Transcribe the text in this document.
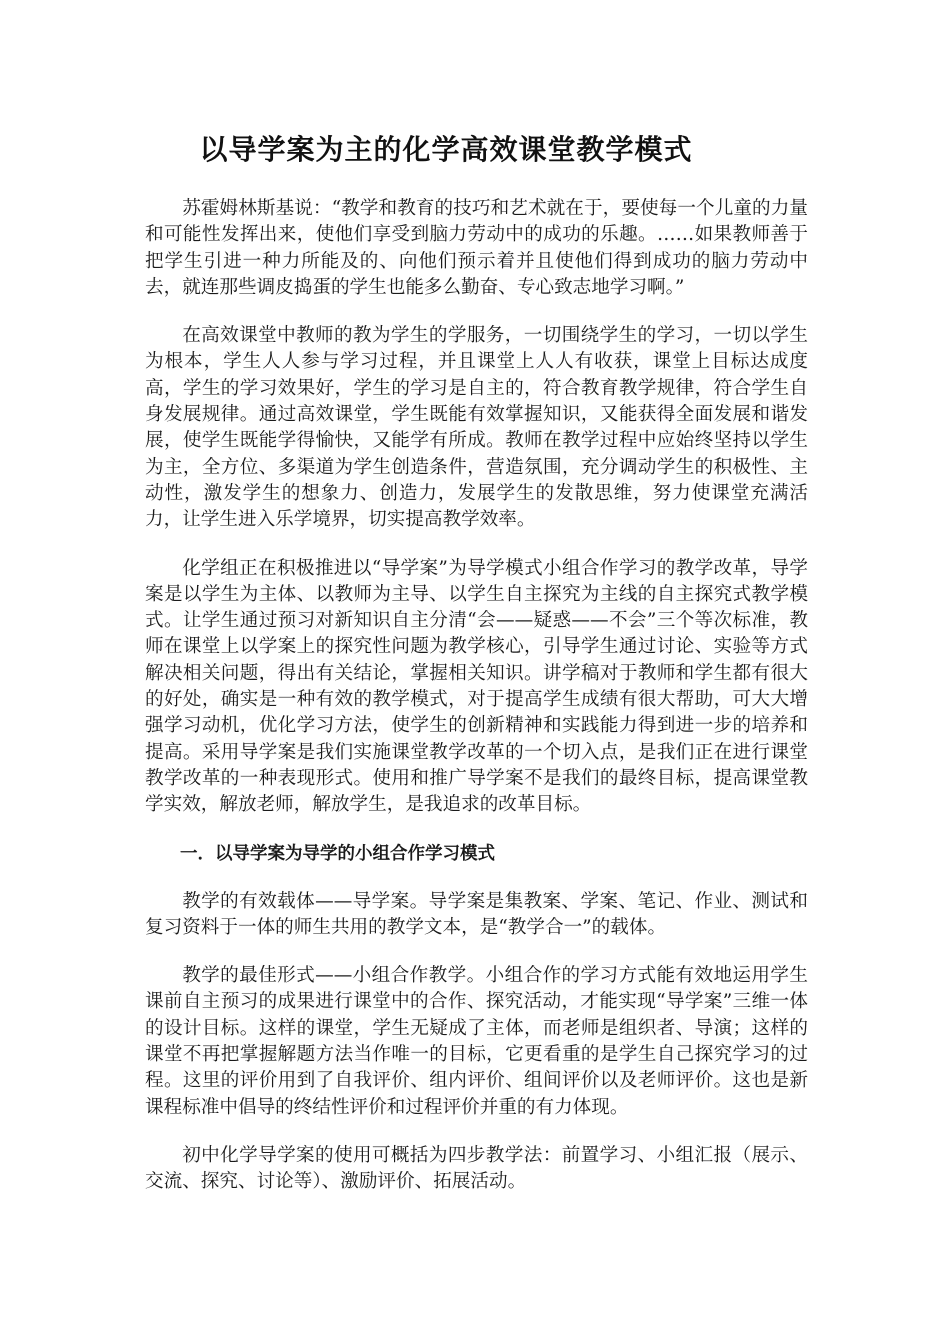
以导学案为主的化学高效课堂教学模式

苏霍姆林斯基说：“教学和教育的技巧和艺术就在于，要使每一个儿童的力量和可能性发挥出来，使他们享受到脑力劳动中的成功的乐趣。……如果教师善于把学生引进一种力所能及的、向他们预示着并且使他们得到成功的脑力劳动中去，就连那些调皮捣蛋的学生也能多么勤奋、专心致志地学习啊。”

在高效课堂中教师的教为学生的学服务，一切围绕学生的学习，一切以学生为根本，学生人人参与学习过程，并且课堂上人人有收获，课堂上目标达成度高，学生的学习效果好，学生的学习是自主的，符合教育教学规律，符合学生自身发展规律。通过高效课堂，学生既能有效掌握知识，又能获得全面发展和谐发展，使学生既能学得愉快，又能学有所成。教师在教学过程中应始终坚持以学生为主，全方位、多渠道为学生创造条件，营造氛围，充分调动学生的积极性、主动性，激发学生的想象力、创造力，发展学生的发散思维，努力使课堂充满活力，让学生进入乐学境界，切实提高教学效率。

化学组正在积极推进以“导学案”为导学模式小组合作学习的教学改革，导学案是以学生为主体、以教师为主导、以学生自主探究为主线的自主探究式教学模式。让学生通过预习对新知识自主分清“会——疑惑——不会”三个等次标准，教师在课堂上以学案上的探究性问题为教学核心，引导学生通过讨论、实验等方式解决相关问题，得出有关结论，掌握相关知识。讲学稿对于教师和学生都有很大的好处，确实是一种有效的教学模式，对于提高学生成绩有很大帮助，可大大增强学习动机，优化学习方法，使学生的创新精神和实践能力得到进一步的培养和提高。采用导学案是我们实施课堂教学改革的一个切入点，是我们正在进行课堂教学改革的一种表现形式。使用和推广导学案不是我们的最终目标，提高课堂教学实效，解放老师，解放学生，是我追求的改革目标。

一．以导学案为导学的小组合作学习模式

教学的有效载体——导学案。导学案是集教案、学案、笔记、作业、测试和复习资料于一体的师生共用的教学文本，是“教学合一”的载体。

教学的最佳形式——小组合作教学。小组合作的学习方式能有效地运用学生课前自主预习的成果进行课堂中的合作、探究活动，才能实现“导学案”三维一体的设计目标。这样的课堂，学生无疑成了主体，而老师是组织者、导演；这样的课堂不再把掌握解题方法当作唯一的目标，它更看重的是学生自己探究学习的过程。这里的评价用到了自我评价、组内评价、组间评价以及老师评价。这也是新课程标准中倡导的终结性评价和过程评价并重的有力体现。

初中化学导学案的使用可概括为四步教学法：前置学习、小组汇报（展示、交流、探究、讨论等）、激励评价、拓展活动。
